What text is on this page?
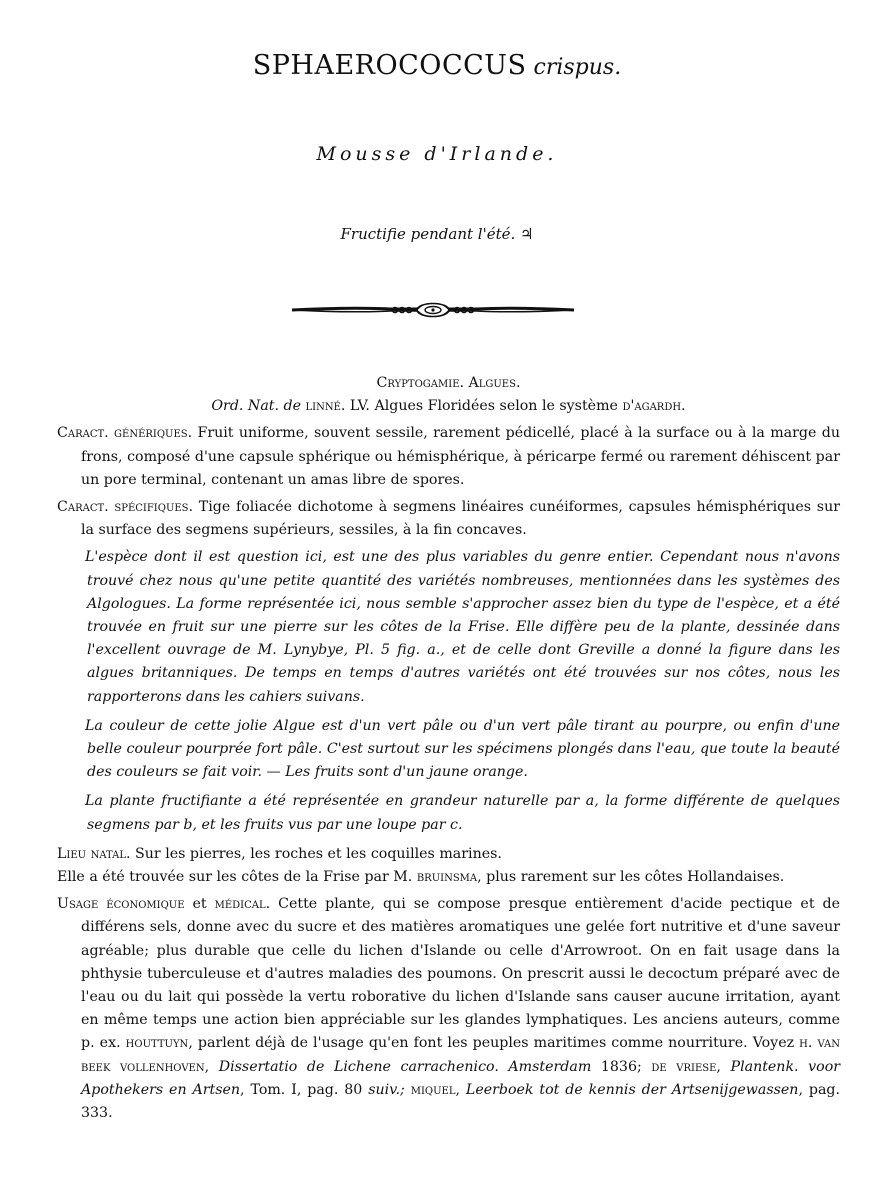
SPHAEROCOCCUS crispus.
Mousse d'Irlande.
Fructifie pendant l'été. ♃

Cryptogamie. Algues.

Ord. Nat. de linné. LV. Algues Floridées selon le système d'agardh.

Caract. génériques. Fruit uniforme, souvent sessile, rarement pédicellé, placé à la surface ou à la marge du frons, composé d'une capsule sphérique ou hémisphérique, à péricarpe fermé ou rarement déhiscent par un pore terminal, contenant un amas libre de spores.

Caract. spécifiques. Tige foliacée dichotome à segmens linéaires cunéiformes, capsules hémisphériques sur la surface des segmens supérieurs, sessiles, à la fin concaves.

L'espèce dont il est question ici, est une des plus variables du genre entier. Cependant nous n'avons trouvé chez nous qu'une petite quantité des variétés nombreuses, mentionnées dans les systèmes des Algologues. La forme représentée ici, nous semble s'approcher assez bien du type de l'espèce, et a été trouvée en fruit sur une pierre sur les côtes de la Frise. Elle diffère peu de la plante, dessinée dans l'excellent ouvrage de M. Lynybye, Pl. 5 fig. a., et de celle dont Greville a donné la figure dans les algues britanniques. De temps en temps d'autres variétés ont été trouvées sur nos côtes, nous les rapporterons dans les cahiers suivans.

La couleur de cette jolie Algue est d'un vert pâle ou d'un vert pâle tirant au pourpre, ou enfin d'une belle couleur pourprée fort pâle. C'est surtout sur les spécimens plongés dans l'eau, que toute la beauté des couleurs se fait voir. — Les fruits sont d'un jaune orange.

La plante fructifiante a été représentée en grandeur naturelle par a, la forme différente de quelques segmens par b, et les fruits vus par une loupe par c.

Lieu natal. Sur les pierres, les roches et les coquilles marines.

Elle a été trouvée sur les côtes de la Frise par M. bruinsma, plus rarement sur les côtes Hollandaises.

Usage économique et médical. Cette plante, qui se compose presque entièrement d'acide pectique et de différens sels, donne avec du sucre et des matières aromatiques une gelée fort nutritive et d'une saveur agréable; plus durable que celle du lichen d'Islande ou celle d'Arrowroot. On en fait usage dans la phthysie tuberculeuse et d'autres maladies des poumons. On prescrit aussi le decoctum préparé avec de l'eau ou du lait qui possède la vertu roborative du lichen d'Islande sans causer aucune irritation, ayant en même temps une action bien appréciable sur les glandes lymphatiques. Les anciens auteurs, comme p. ex. houttuyn, parlent déjà de l'usage qu'en font les peuples maritimes comme nourriture. Voyez h. van beek vollenhoven, Dissertatio de Lichene carrachenico. Amsterdam 1836; de vriese, Plantenk. voor Apothekers en Artsen, Tom. I, pag. 80 suiv.; miquel, Leerboek tot de kennis der Artsenijgewassen, pag. 333.
